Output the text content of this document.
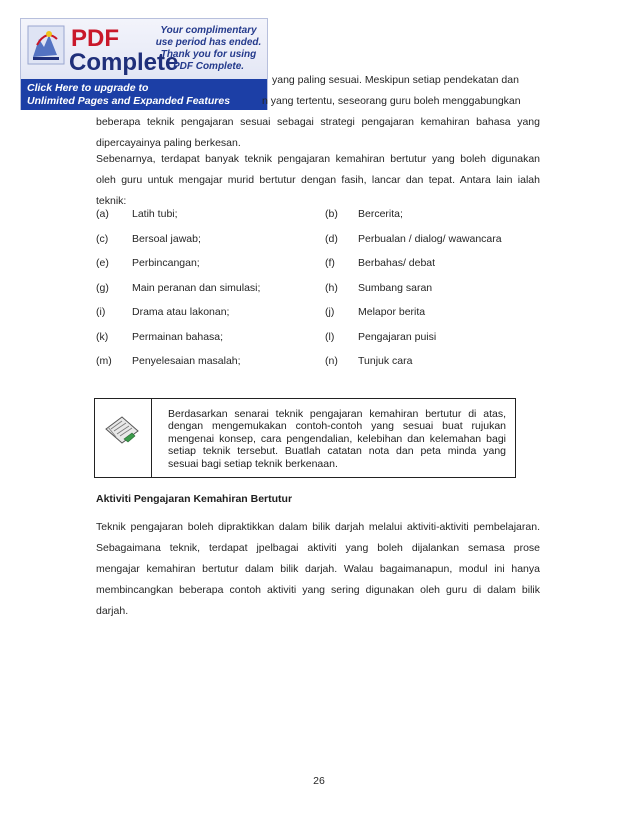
PDF
Complete
Your complimentary
use period has ended.
Thank you for using
PDF Complete.
Click Here to upgrade to
Unlimited Pages and Expanded Features
yang paling sesuai. Meskipun setiap pendekatan dan
n yang tertentu, seseorang guru boleh menggabungkan
beberapa teknik pengajaran sesuai sebagai strategi pengajaran kemahiran bahasa yang
dipercayainya paling berkesan.
Sebenarnya, terdapat banyak teknik pengajaran kemahiran bertutur yang boleh digunakan
oleh guru untuk mengajar murid bertutur dengan fasih, lancar dan tepat. Antara lain ialah
teknik:
(a) Latih tubi;	(b) Bercerita;
(c) Bersoal jawab;	(d) Perbualan / dialog/ wawancara
(e) Perbincangan;	(f) Berbahas/ debat
(g) Main peranan dan simulasi;	(h) Sumbang saran
(i)	Drama atau lakonan;	(j) Melapor berita
(k) Permainan bahasa;	(l) Pengajaran puisi
(m) Penyelesaian masalah;	(n) Tunjuk cara
Berdasarkan senarai teknik pengajaran kemahiran bertutur di atas,
dengan mengemukakan contoh-contoh yang sesuai buat rujukan
mengenai konsep, cara pengendalian, kelebihan dan kelemahan bagi
setiap teknik tersebut. Buatlah catatan nota dan peta minda yang
sesuai bagi setiap teknik berkenaan.
Aktiviti Pengajaran Kemahiran Bertutur
Teknik pengajaran boleh dipraktikkan dalam bilik darjah melalui aktiviti-aktiviti pembelajaran.
Sebagaimana teknik, terdapat jpelbagai aktiviti yang boleh dijalankan semasa prose
mengajar kemahiran bertutur dalam bilik darjah. Walau bagaimanapun, modul ini hanya
membincangkan beberapa contoh aktiviti yang sering digunakan oleh guru di dalam bilik
darjah.
26
